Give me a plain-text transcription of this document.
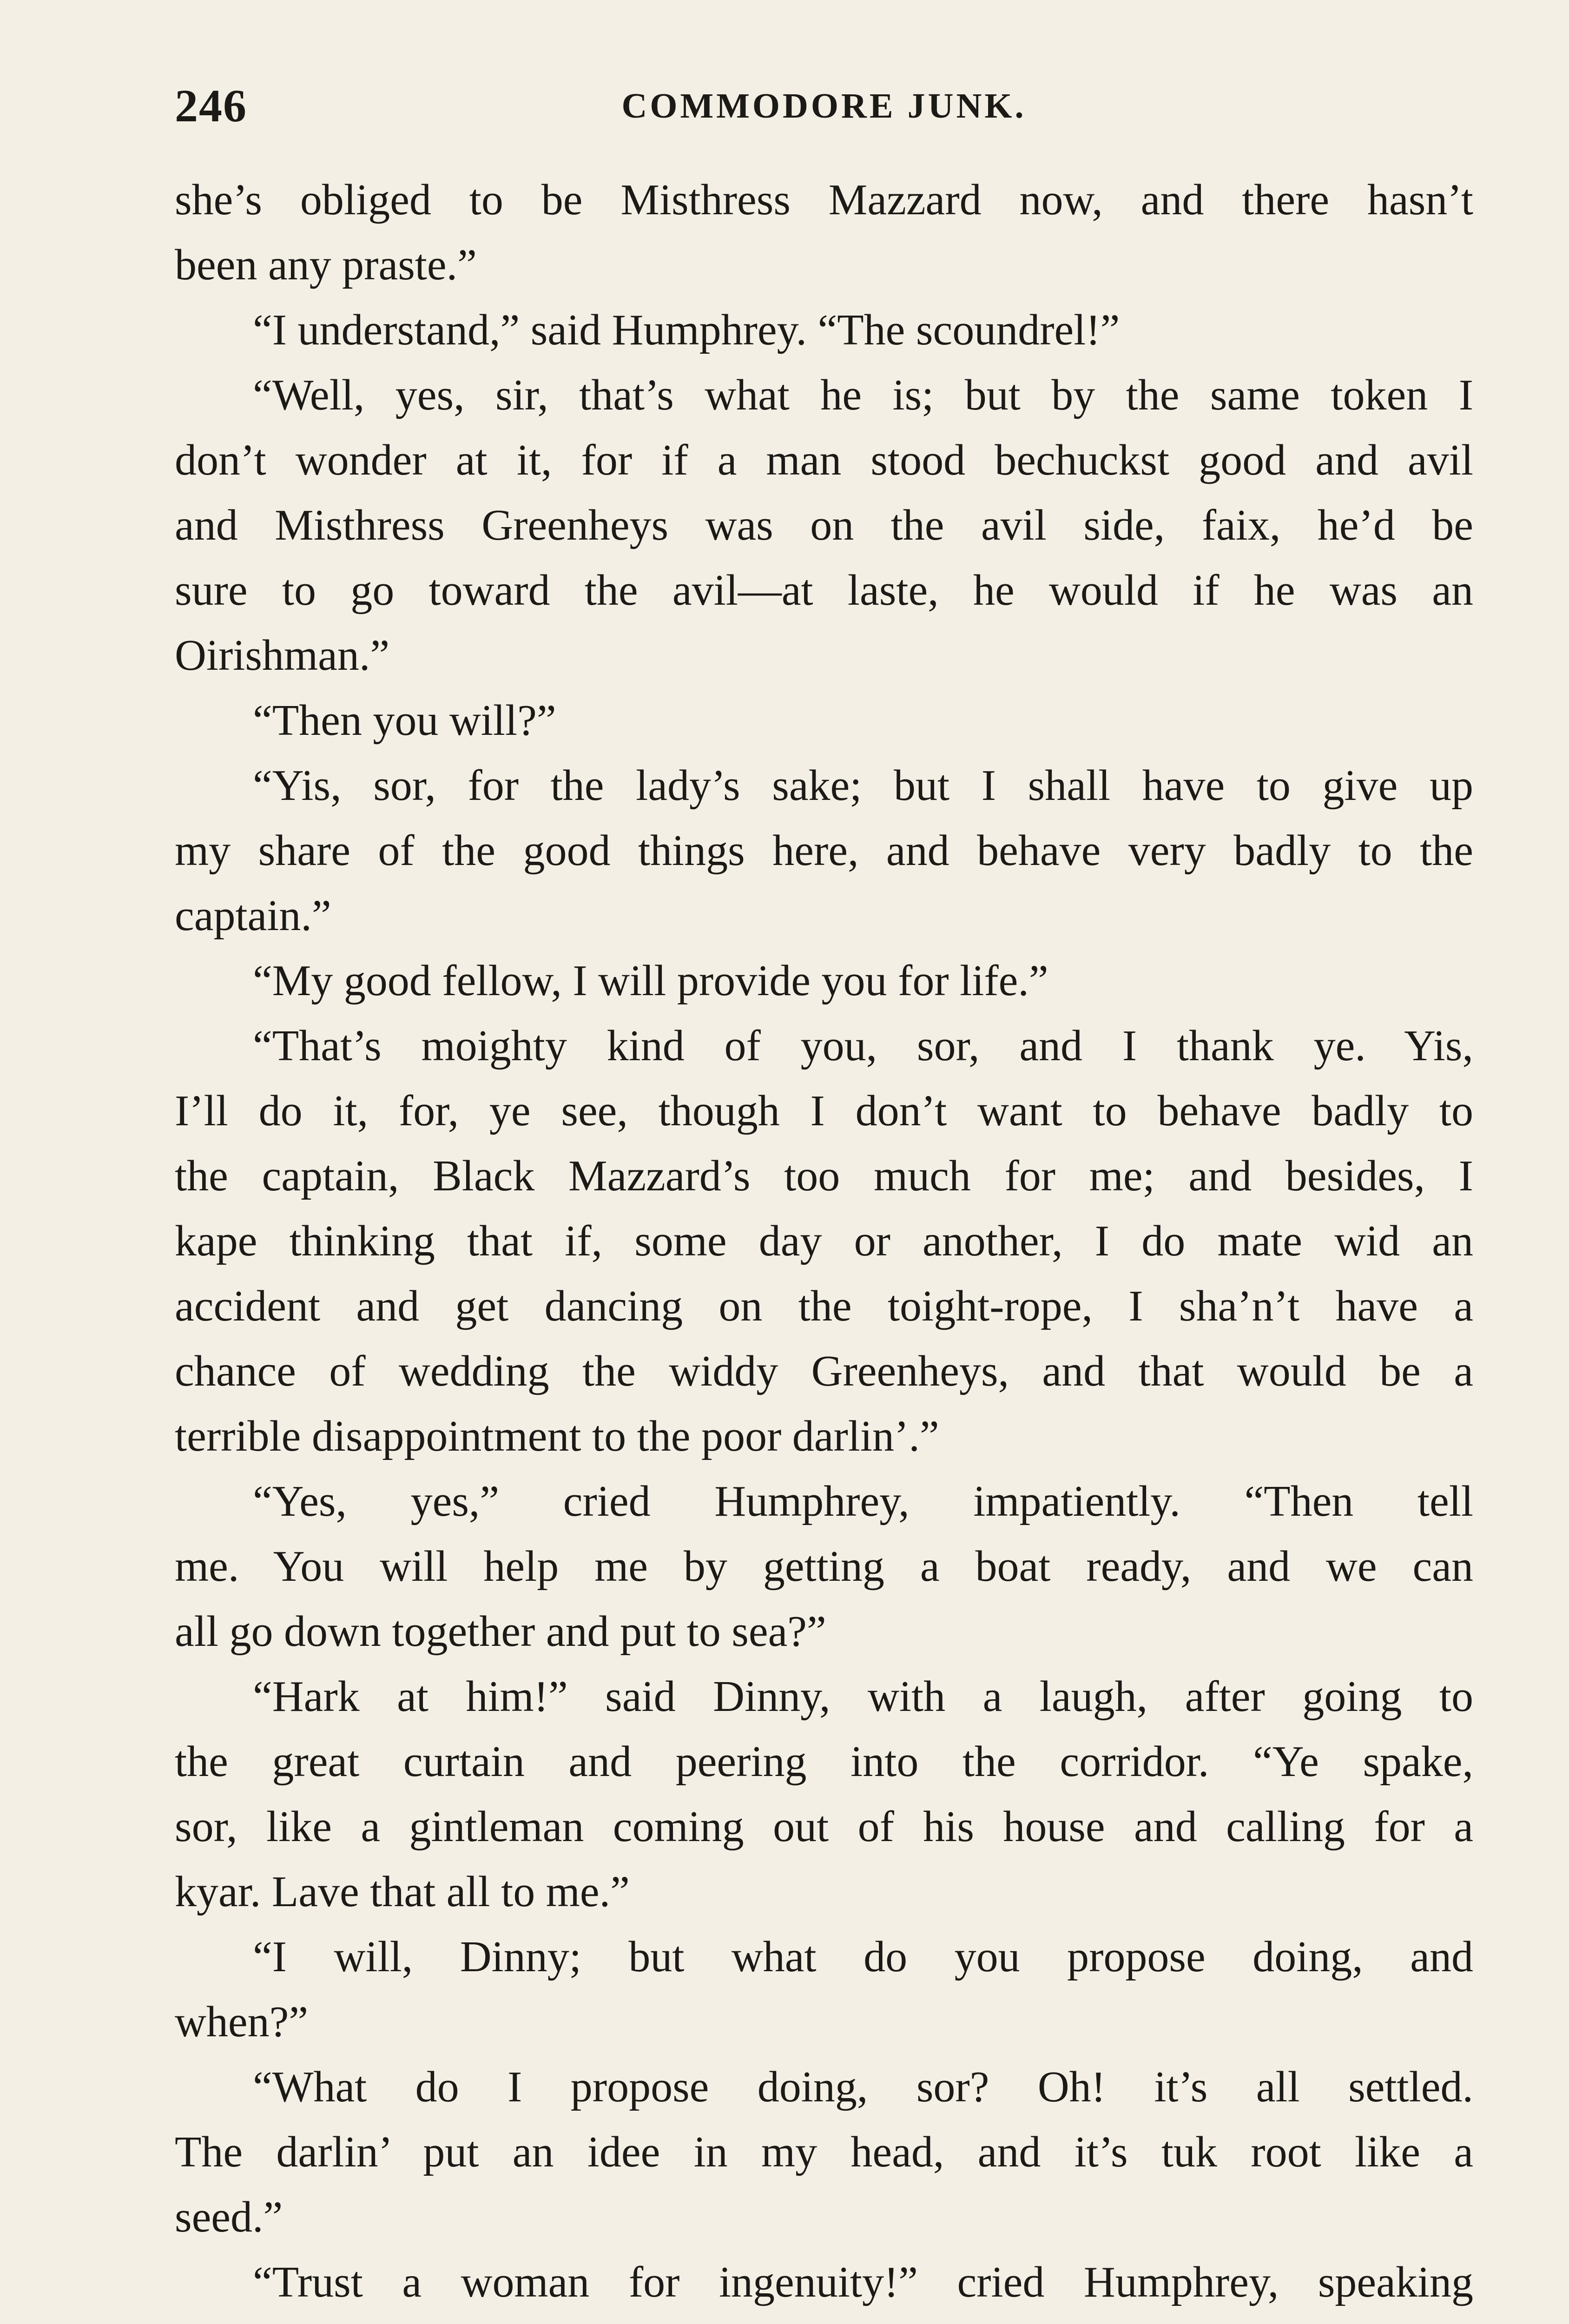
246	COMMODORE JUNK.
she’s obliged to be Misthress Mazzard now, and there hasn’t
been any praste.”
“I understand,” said Humphrey. “The scoundrel!”
“Well, yes, sir, that’s what he is; but by the same token I
don’t wonder at it, for if a man stood bechuckst good and avil
and Misthress Greenheys was on the avil side, faix, he’d be
sure to go toward the avil—at laste, he would if he was an
Oirishman.”
“Then you will?”
“Yis, sor, for the lady’s sake; but I shall have to give up
my share of the good things here, and behave very badly to the
captain.”
“My good fellow, I will provide you for life.”
“That’s moighty kind of you, sor, and I thank ye. Yis,
I’ll do it, for, ye see, though I don’t want to behave badly to
the captain, Black Mazzard’s too much for me; and besides, I
kape thinking that if, some day or another, I do mate wid an
accident and get dancing on the toight-rope, I sha’n’t have a
chance of wedding the widdy Greenheys, and that would be a
terrible disappointment to the poor darlin’.”
“Yes, yes,” cried Humphrey, impatiently. “Then tell
me. You will help me by getting a boat ready, and we can
all go down together and put to sea?”
“Hark at him!” said Dinny, with a laugh, after going to
the great curtain and peering into the corridor. “Ye spake,
sor, like a gintleman coming out of his house and calling for a
kyar. Lave that all to me.”
“I will, Dinny; but what do you propose doing, and
when?”
“What do I propose doing, sor? Oh! it’s all settled.
The darlin’ put an idee in my head, and it’s tuk root like a
seed.”
“Trust a woman for ingenuity!” cried Humphrey, speaking
